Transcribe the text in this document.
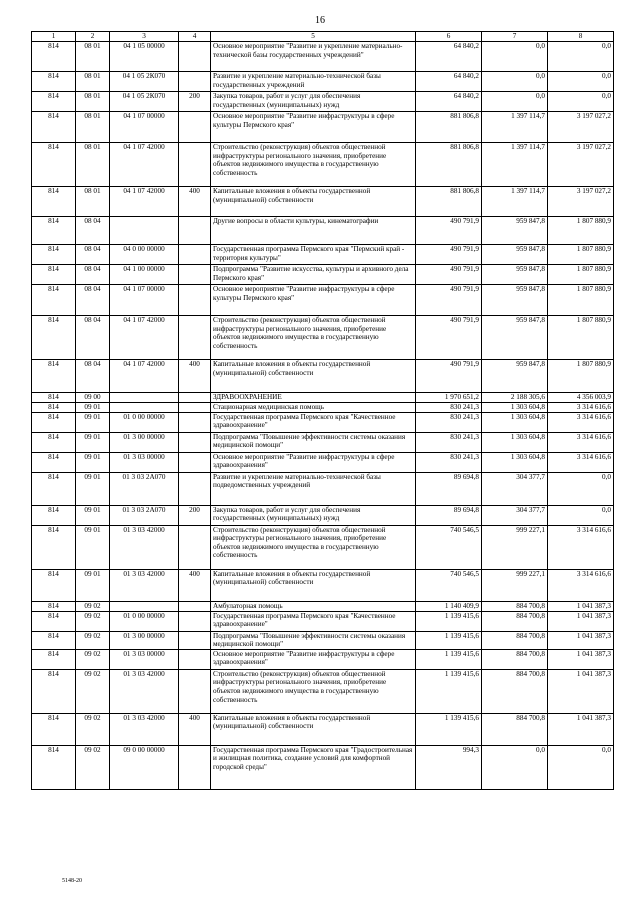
16
1	2	3	4	5	6	7	8
814	08 01	04 1 05 00000		Основное мероприятие "Развитие и укрепление материально-технической базы государственных учреждений"	64 840,2	0,0	0,0
814	08 01	04 1 05 2К070		Развитие и укрепление материально-технической базы государственных учреждений	64 840,2	0,0	0,0
814	08 01	04 1 05 2К070	200	Закупка товаров, работ и услуг для обеспечения государственных (муниципальных) нужд	64 840,2	0,0	0,0
814	08 01	04 1 07 00000		Основное мероприятие "Развитие инфраструктуры в сфере культуры Пермского края"	881 806,8	1 397 114,7	3 197 027,2
814	08 01	04 1 07 42000		Строительство (реконструкция) объектов общественной инфраструктуры регионального значения, приобретение объектов недвижимого имущества в государственную собственность	881 806,8	1 397 114,7	3 197 027,2
814	08 01	04 1 07 42000	400	Капитальные вложения в объекты государственной (муниципальной) собственности	881 806,8	1 397 114,7	3 197 027,2
814	08 04			Другие вопросы в области культуры, кинематографии	490 791,9	959 847,8	1 807 880,9
814	08 04	04 0 00 00000		Государственная программа Пермского края "Пермский край - территория культуры"	490 791,9	959 847,8	1 807 880,9
814	08 04	04 1 00 00000		Подпрограмма "Развитие искусства, культуры и архивного дела Пермского края"	490 791,9	959 847,8	1 807 880,9
814	08 04	04 1 07 00000		Основное мероприятие "Развитие инфраструктуры в сфере культуры Пермского края"	490 791,9	959 847,8	1 807 880,9
814	08 04	04 1 07 42000		Строительство (реконструкция) объектов общественной инфраструктуры регионального значения, приобретение объектов недвижимого имущества в государственную собственность	490 791,9	959 847,8	1 807 880,9
814	08 04	04 1 07 42000	400	Капитальные вложения в объекты государственной (муниципальной) собственности	490 791,9	959 847,8	1 807 880,9
814	09 00			ЗДРАВООХРАНЕНИЕ	1 970 651,2	2 188 305,6	4 356 003,9
814	09 01			Стационарная медицинская помощь	830 241,3	1 303 604,8	3 314 616,6
814	09 01	01 0 00 00000		Государственная программа Пермского края "Качественное здравоохранение"	830 241,3	1 303 604,8	3 314 616,6
814	09 01	01 3 00 00000		Подпрограмма "Повышение эффективности системы оказания медицинской помощи"	830 241,3	1 303 604,8	3 314 616,6
814	09 01	01 3 03 00000		Основное мероприятие "Развитие инфраструктуры в сфере здравоохранения"	830 241,3	1 303 604,8	3 314 616,6
814	09 01	01 3 03 2А070		Развитие и укрепление материально-технической базы подведомственных учреждений	89 694,8	304 377,7	0,0
814	09 01	01 3 03 2А070	200	Закупка товаров, работ и услуг для обеспечения государственных (муниципальных) нужд	89 694,8	304 377,7	0,0
814	09 01	01 3 03 42000		Строительство (реконструкция) объектов общественной инфраструктуры регионального значения, приобретение объектов недвижимого имущества в государственную собственность	740 546,5	999 227,1	3 314 616,6
814	09 01	01 3 03 42000	400	Капитальные вложения в объекты государственной (муниципальной) собственности	740 546,5	999 227,1	3 314 616,6
814	09 02			Амбулаторная помощь	1 140 409,9	884 700,8	1 041 387,3
814	09 02	01 0 00 00000		Государственная программа Пермского края "Качественное здравоохранение"	1 139 415,6	884 700,8	1 041 387,3
814	09 02	01 3 00 00000		Подпрограмма "Повышение эффективности системы оказания медицинской помощи"	1 139 415,6	884 700,8	1 041 387,3
814	09 02	01 3 03 00000		Основное мероприятие "Развитие инфраструктуры в сфере здравоохранения"	1 139 415,6	884 700,8	1 041 387,3
814	09 02	01 3 03 42000		Строительство (реконструкция) объектов общественной инфраструктуры регионального значения, приобретение объектов недвижимого имущества в государственную собственность	1 139 415,6	884 700,8	1 041 387,3
814	09 02	01 3 03 42000	400	Капитальные вложения в объекты государственной (муниципальной) собственности	1 139 415,6	884 700,8	1 041 387,3
814	09 02	09 0 00 00000		Государственная программа Пермского края "Градостроительная и жилищная политика, создание условий для комфортной городской среды"	994,3	0,0	0,0
5148-20
